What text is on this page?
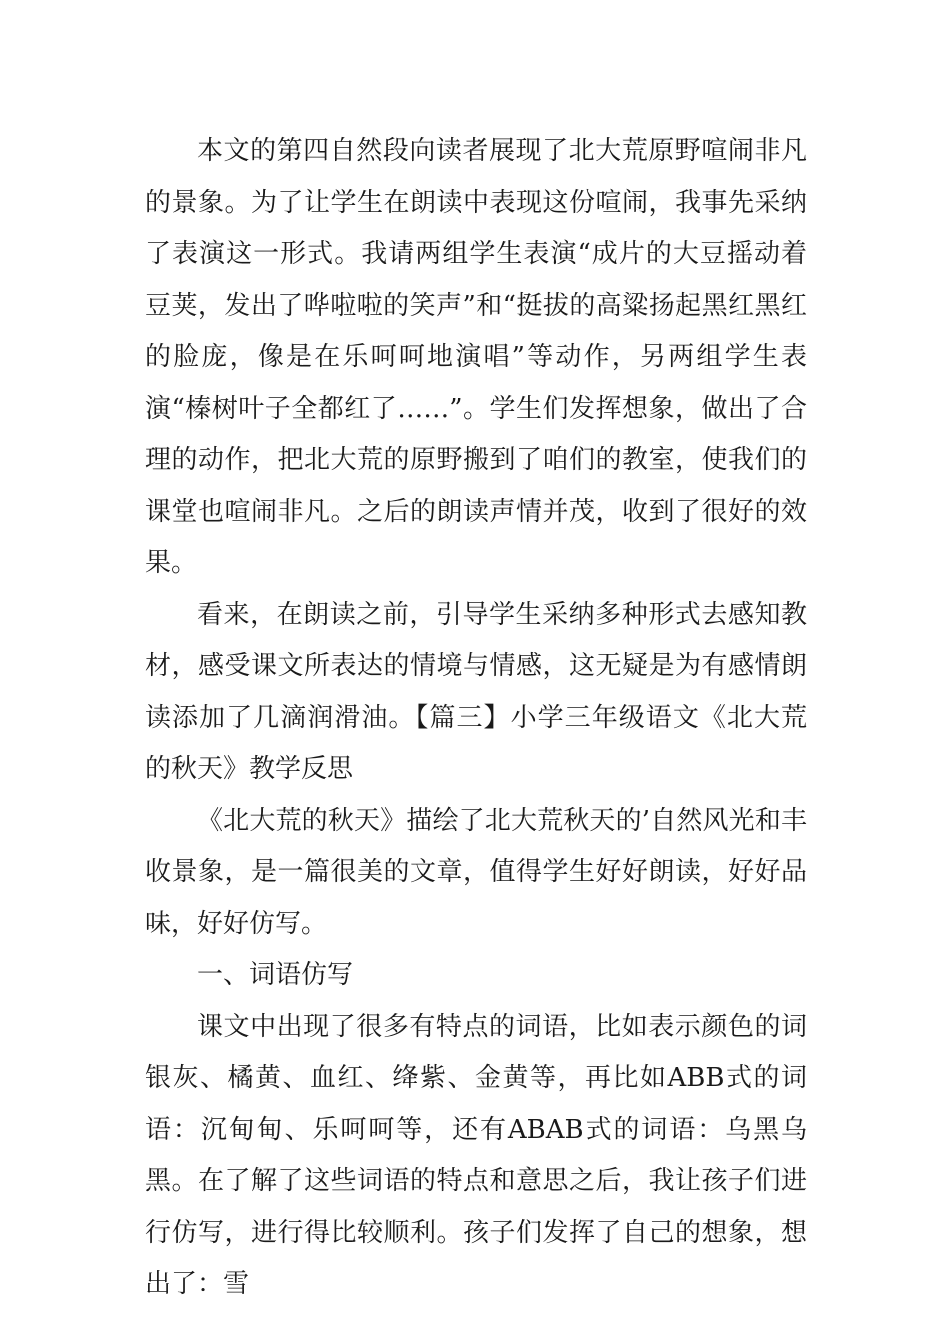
本文的第四自然段向读者展现了北大荒原野喧闹非凡的景象。为了让学生在朗读中表现这份喧闹，我事先采纳了表演这一形式。我请两组学生表演“成片的大豆摇动着豆荚，发出了哗啦啦的笑声”和“挺拔的高粱扬起黑红黑红的脸庞，像是在乐呵呵地演唱”等动作，另两组学生表演“榛树叶子全都红了……”。学生们发挥想象，做出了合理的动作，把北大荒的原野搬到了咱们的教室，使我们的课堂也喧闹非凡。之后的朗读声情并茂，收到了很好的效果。

看来，在朗读之前，引导学生采纳多种形式去感知教材，感受课文所表达的情境与情感，这无疑是为有感情朗读添加了几滴润滑油。【篇三】小学三年级语文《北大荒的秋天》教学反思

《北大荒的秋天》描绘了北大荒秋天的’自然风光和丰收景象，是一篇很美的文章，值得学生好好朗读，好好品味，好好仿写。

一、词语仿写

课文中出现了很多有特点的词语，比如表示颜色的词银灰、橘黄、血红、绛紫、金黄等，再比如ABB式的词语：沉甸甸、乐呵呵等，还有ABAB式的词语：乌黑乌黑。在了解了这些词语的特点和意思之后，我让孩子们进行仿写，进行得比较顺利。孩子们发挥了自己的想象，想出了：雪
